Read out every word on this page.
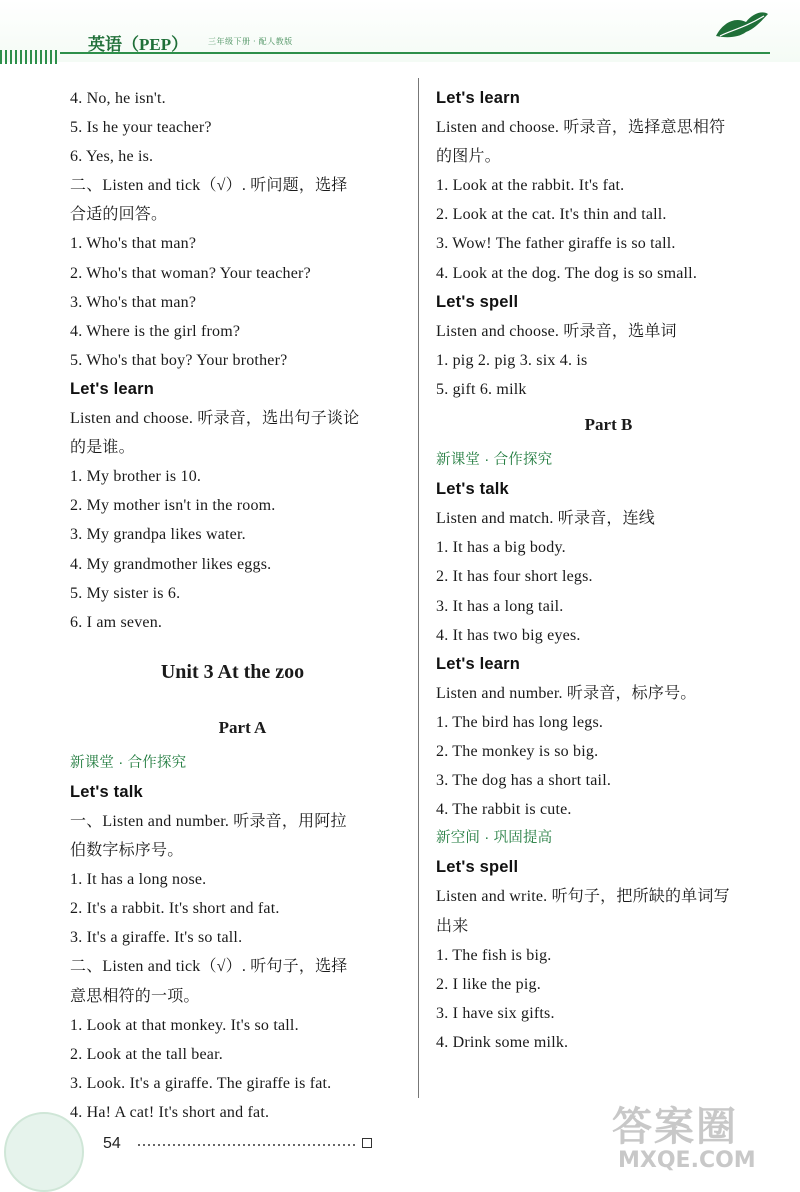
英语（PEP） 三年级下册 · 配人教版
4. No, he isn't.
5. Is he your teacher?
6. Yes, he is.
二、Listen and tick（√）. 听问题，选择
合适的回答。
1. Who's that man?
2. Who's that woman? Your teacher?
3. Who's that man?
4. Where is the girl from?
5. Who's that boy? Your brother?
Let's learn
Listen and choose. 听录音，选出句子谈论
的是谁。
1. My brother is 10.
2. My mother isn't in the room.
3. My grandpa likes water.
4. My grandmother likes eggs.
5. My sister is 6.
6. I am seven.
Unit 3 At the zoo
Part A
新课堂 · 合作探究
Let's talk
一、Listen and number. 听录音，用阿拉
伯数字标序号。
1. It has a long nose.
2. It's a rabbit. It's short and fat.
3. It's a giraffe. It's so tall.
二、Listen and tick（√）. 听句子，选择
意思相符的一项。
1. Look at that monkey. It's so tall.
2. Look at the tall bear.
3. Look. It's a giraffe. The giraffe is fat.
4. Ha! A cat! It's short and fat.
Let's learn
Listen and choose. 听录音，选择意思相符
的图片。
1. Look at the rabbit. It's fat.
2. Look at the cat. It's thin and tall.
3. Wow! The father giraffe is so tall.
4. Look at the dog. The dog is so small.
Let's spell
Listen and choose. 听录音，选单词
1. pig 2. pig 3. six 4. is
5. gift 6. milk
Part B
新课堂 · 合作探究
Let's talk
Listen and match. 听录音，连线
1. It has a big body.
2. It has four short legs.
3. It has a long tail.
4. It has two big eyes.
Let's learn
Listen and number. 听录音，标序号。
1. The bird has long legs.
2. The monkey is so big.
3. The dog has a short tail.
4. The rabbit is cute.
新空间 · 巩固提高
Let's spell
Listen and write. 听句子，把所缺的单词写
出来
1. The fish is big.
2. I like the pig.
3. I have six gifts.
4. Drink some milk.
54	答案圈
MXQE.COM
